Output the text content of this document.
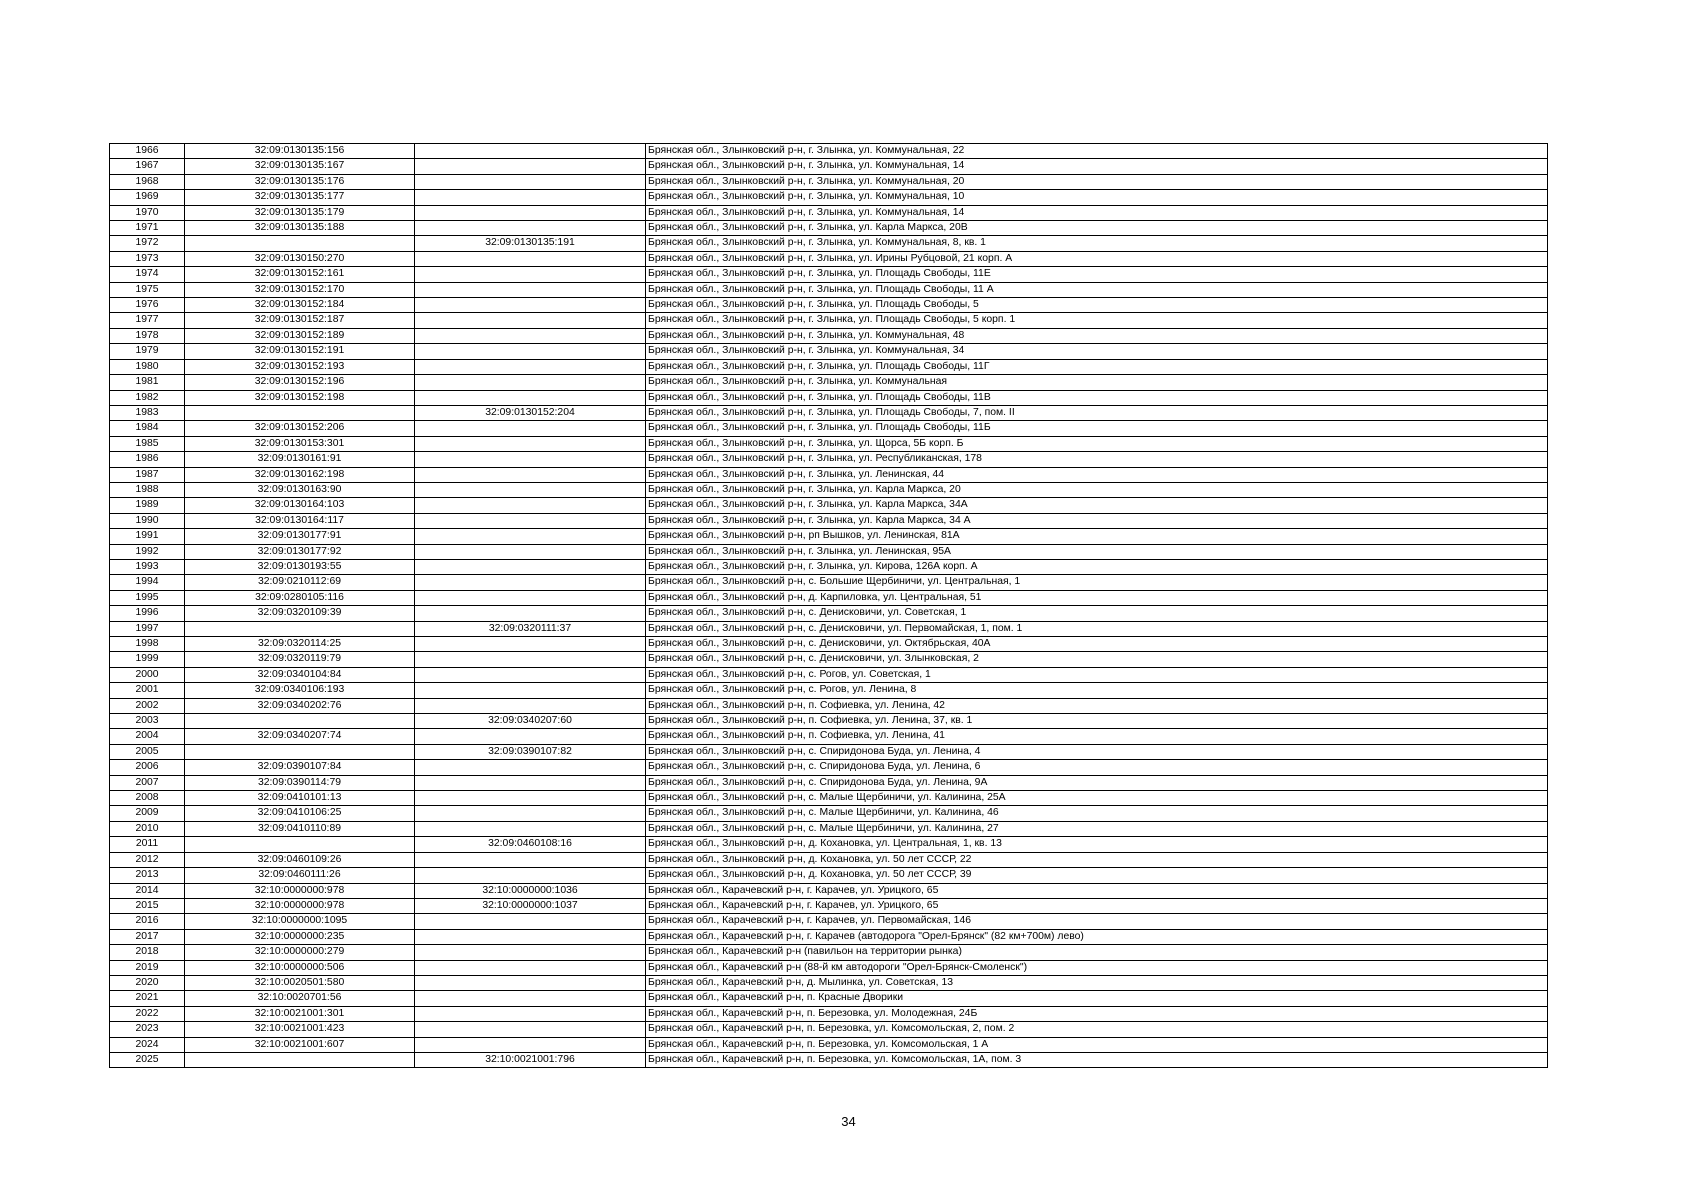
1966	32:09:0130135:156		Брянская обл., Злынковский р-н, г. Злынка, ул. Коммунальная, 22
1967	32:09:0130135:167		Брянская обл., Злынковский р-н, г. Злынка, ул. Коммунальная, 14
1968	32:09:0130135:176		Брянская обл., Злынковский р-н, г. Злынка, ул. Коммунальная, 20
1969	32:09:0130135:177		Брянская обл., Злынковский р-н, г. Злынка, ул. Коммунальная, 10
1970	32:09:0130135:179		Брянская обл., Злынковский р-н, г. Злынка, ул. Коммунальная, 14
1971	32:09:0130135:188		Брянская обл., Злынковский р-н, г. Злынка, ул. Карла Маркса, 20В
1972		32:09:0130135:191	Брянская обл., Злынковский р-н, г. Злынка, ул. Коммунальная, 8, кв. 1
1973	32:09:0130150:270		Брянская обл., Злынковский р-н, г. Злынка, ул. Ирины Рубцовой, 21 корп. А
1974	32:09:0130152:161		Брянская обл., Злынковский р-н, г. Злынка, ул. Площадь Свободы, 11Е
1975	32:09:0130152:170		Брянская обл., Злынковский р-н, г. Злынка, ул. Площадь Свободы, 11 А
1976	32:09:0130152:184		Брянская обл., Злынковский р-н, г. Злынка, ул. Площадь Свободы, 5
1977	32:09:0130152:187		Брянская обл., Злынковский р-н, г. Злынка, ул. Площадь Свободы, 5 корп. 1
1978	32:09:0130152:189		Брянская обл., Злынковский р-н, г. Злынка, ул. Коммунальная, 48
1979	32:09:0130152:191		Брянская обл., Злынковский р-н, г. Злынка, ул. Коммунальная, 34
1980	32:09:0130152:193		Брянская обл., Злынковский р-н, г. Злынка, ул. Площадь Свободы, 11Г
1981	32:09:0130152:196		Брянская обл., Злынковский р-н, г. Злынка, ул. Коммунальная
1982	32:09:0130152:198		Брянская обл., Злынковский р-н, г. Злынка, ул. Площадь Свободы, 11В
1983		32:09:0130152:204	Брянская обл., Злынковский р-н, г. Злынка, ул. Площадь Свободы, 7, пом. II
1984	32:09:0130152:206		Брянская обл., Злынковский р-н, г. Злынка, ул. Площадь Свободы, 11Б
1985	32:09:0130153:301		Брянская обл., Злынковский р-н, г. Злынка, ул. Щорса, 5Б корп. Б
1986	32:09:0130161:91		Брянская обл., Злынковский р-н, г. Злынка, ул. Республиканская, 178
1987	32:09:0130162:198		Брянская обл., Злынковский р-н, г. Злынка, ул. Ленинская, 44
1988	32:09:0130163:90		Брянская обл., Злынковский р-н, г. Злынка, ул. Карла Маркса, 20
1989	32:09:0130164:103		Брянская обл., Злынковский р-н, г. Злынка, ул. Карла Маркса, 34А
1990	32:09:0130164:117		Брянская обл., Злынковский р-н, г. Злынка, ул. Карла Маркса, 34 А
1991	32:09:0130177:91		Брянская обл., Злынковский р-н, рп Вышков, ул. Ленинская, 81А
1992	32:09:0130177:92		Брянская обл., Злынковский р-н, г. Злынка, ул. Ленинская, 95А
1993	32:09:0130193:55		Брянская обл., Злынковский р-н, г. Злынка, ул. Кирова, 126А корп. А
1994	32:09:0210112:69		Брянская обл., Злынковский р-н, с. Большие Щербиничи, ул. Центральная, 1
1995	32:09:0280105:116		Брянская обл., Злынковский р-н, д. Карпиловка, ул. Центральная, 51
1996	32:09:0320109:39		Брянская обл., Злынковский р-н, с. Денисковичи, ул. Советская, 1
1997		32:09:0320111:37	Брянская обл., Злынковский р-н, с. Денисковичи, ул. Первомайская, 1, пом. 1
1998	32:09:0320114:25		Брянская обл., Злынковский р-н, с. Денисковичи, ул. Октябрьская, 40А
1999	32:09:0320119:79		Брянская обл., Злынковский р-н, с. Денисковичи, ул. Злынковская, 2
2000	32:09:0340104:84		Брянская обл., Злынковский р-н, с. Рогов, ул. Советская, 1
2001	32:09:0340106:193		Брянская обл., Злынковский р-н, с. Рогов, ул. Ленина, 8
2002	32:09:0340202:76		Брянская обл., Злынковский р-н, п. Софиевка, ул. Ленина, 42
2003		32:09:0340207:60	Брянская обл., Злынковский р-н, п. Софиевка, ул. Ленина, 37, кв. 1
2004	32:09:0340207:74		Брянская обл., Злынковский р-н, п. Софиевка, ул. Ленина, 41
2005		32:09:0390107:82	Брянская обл., Злынковский р-н, с. Спиридонова Буда, ул. Ленина, 4
2006	32:09:0390107:84		Брянская обл., Злынковский р-н, с. Спиридонова Буда, ул. Ленина, 6
2007	32:09:0390114:79		Брянская обл., Злынковский р-н, с. Спиридонова Буда, ул. Ленина, 9А
2008	32:09:0410101:13		Брянская обл., Злынковский р-н, с. Малые Щербиничи, ул. Калинина, 25А
2009	32:09:0410106:25		Брянская обл., Злынковский р-н, с. Малые Щербиничи, ул. Калинина, 46
2010	32:09:0410110:89		Брянская обл., Злынковский р-н, с. Малые Щербиничи, ул. Калинина, 27
2011		32:09:0460108:16	Брянская обл., Злынковский р-н, д. Кохановка, ул. Центральная, 1, кв. 13
2012	32:09:0460109:26		Брянская обл., Злынковский р-н, д. Кохановка, ул. 50 лет СССР, 22
2013	32:09:0460111:26		Брянская обл., Злынковский р-н, д. Кохановка, ул. 50 лет СССР, 39
2014	32:10:0000000:978	32:10:0000000:1036	Брянская обл., Карачевский р-н, г. Карачев, ул. Урицкого, 65
2015	32:10:0000000:978	32:10:0000000:1037	Брянская обл., Карачевский р-н, г. Карачев, ул. Урицкого, 65
2016	32:10:0000000:1095		Брянская обл., Карачевский р-н, г. Карачев, ул. Первомайская, 146
2017	32:10:0000000:235		Брянская обл., Карачевский р-н, г. Карачев (автодорога "Орел-Брянск" (82 км+700м) лево)
2018	32:10:0000000:279		Брянская обл., Карачевский р-н (павильон на территории рынка)
2019	32:10:0000000:506		Брянская обл., Карачевский р-н (88-й км автодороги "Орел-Брянск-Смоленск")
2020	32:10:0020501:580		Брянская обл., Карачевский р-н, д. Мылинка, ул. Советская, 13
2021	32:10:0020701:56		Брянская обл., Карачевский р-н, п. Красные Дворики
2022	32:10:0021001:301		Брянская обл., Карачевский р-н, п. Березовка, ул. Молодежная, 24Б
2023	32:10:0021001:423		Брянская обл., Карачевский р-н, п. Березовка, ул. Комсомольская, 2, пом. 2
2024	32:10:0021001:607		Брянская обл., Карачевский р-н, п. Березовка, ул. Комсомольская, 1 А
2025		32:10:0021001:796	Брянская обл., Карачевский р-н, п. Березовка, ул. Комсомольская, 1А, пом. 3
34
